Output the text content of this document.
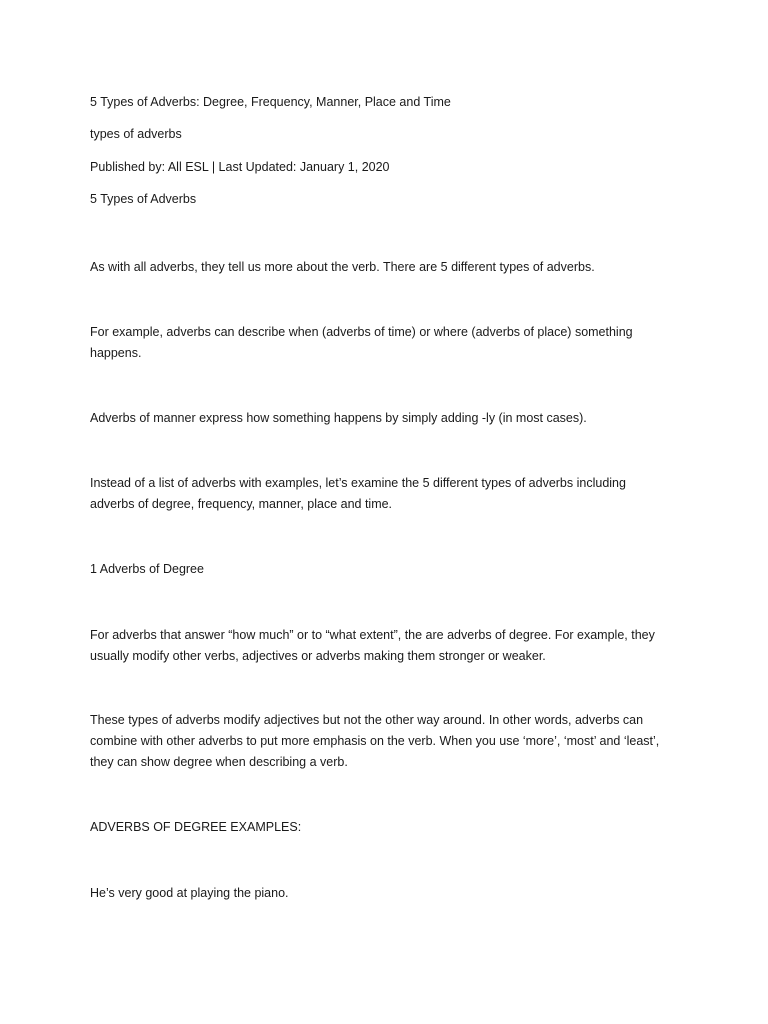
5 Types of Adverbs: Degree, Frequency, Manner, Place and Time

types of adverbs

Published by: All ESL | Last Updated: January 1, 2020

5 Types of Adverbs

As with all adverbs, they tell us more about the verb. There are 5 different types of adverbs.

For example, adverbs can describe when (adverbs of time) or where (adverbs of place) something happens.

Adverbs of manner express how something happens by simply adding -ly (in most cases).

Instead of a list of adverbs with examples, let’s examine the 5 different types of adverbs including adverbs of degree, frequency, manner, place and time.

1 Adverbs of Degree

For adverbs that answer “how much” or to “what extent”, the are adverbs of degree. For example, they usually modify other verbs, adjectives or adverbs making them stronger or weaker.

These types of adverbs modify adjectives but not the other way around. In other words, adverbs can combine with other adverbs to put more emphasis on the verb. When you use ‘more’, ‘most’ and ‘least’, they can show degree when describing a verb.

ADVERBS OF DEGREE EXAMPLES:

He’s very good at playing the piano.
